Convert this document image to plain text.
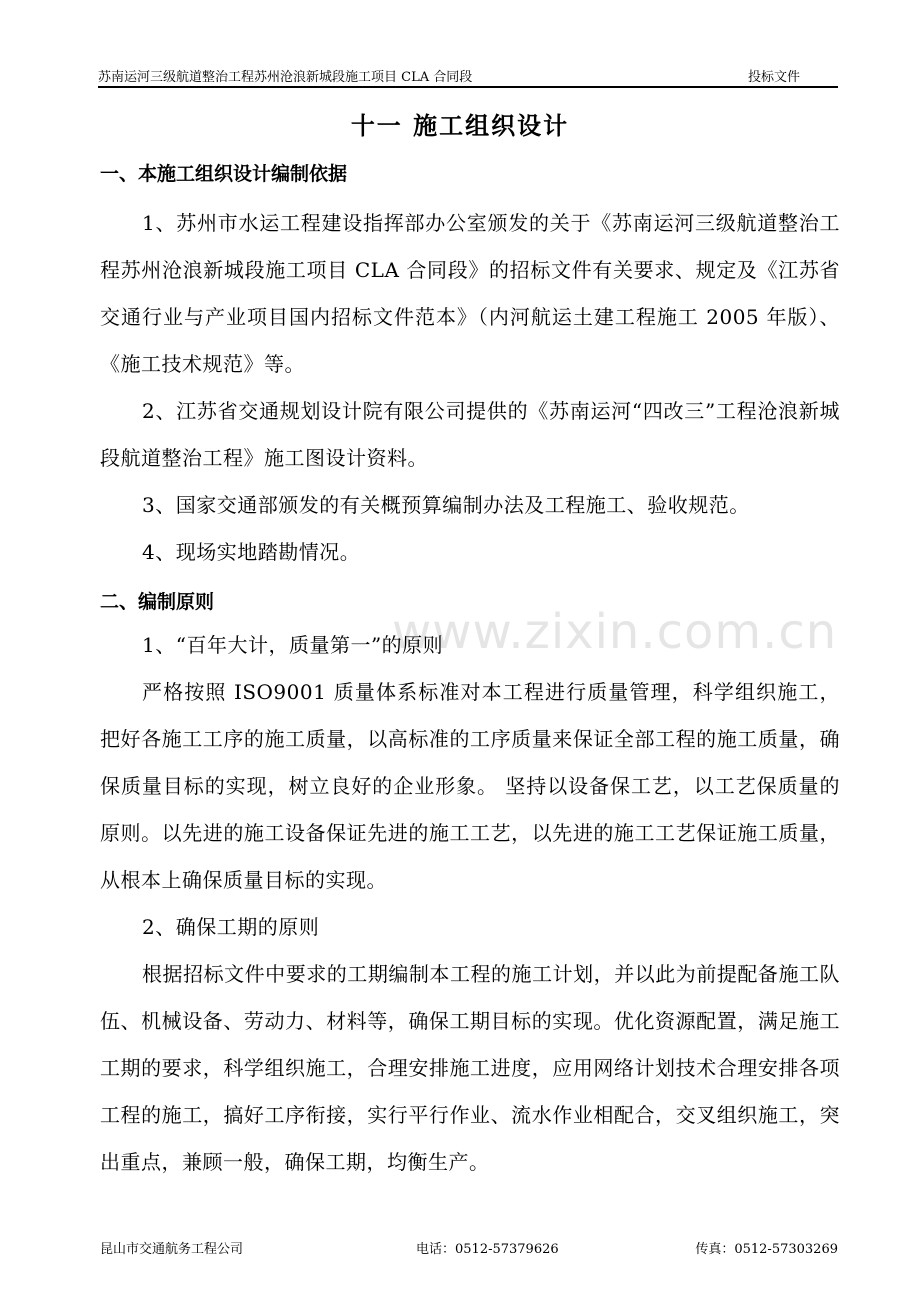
苏南运河三级航道整治工程苏州沧浪新城段施工项目 CLA 合同段	投标文件
www.zixin.com.cn
十一 施工组织设计
一、本施工组织设计编制依据
1、苏州市水运工程建设指挥部办公室颁发的关于《苏南运河三级航道整治工程苏州沧浪新城段施工项目 CLA 合同段》的招标文件有关要求、规定及《江苏省交通行业与产业项目国内招标文件范本》（内河航运土建工程施工 2005 年版）、《施工技术规范》等。
2、江苏省交通规划设计院有限公司提供的《苏南运河“四改三”工程沧浪新城段航道整治工程》施工图设计资料。
3、国家交通部颁发的有关概预算编制办法及工程施工、验收规范。
4、现场实地踏勘情况。
二、编制原则
1、“百年大计，质量第一”的原则
严格按照 ISO9001 质量体系标准对本工程进行质量管理，科学组织施工，把好各施工工序的施工质量，以高标准的工序质量来保证全部工程的施工质量，确保质量目标的实现，树立良好的企业形象。 坚持以设备保工艺，以工艺保质量的原则。以先进的施工设备保证先进的施工工艺，以先进的施工工艺保证施工质量，从根本上确保质量目标的实现。
2、确保工期的原则
根据招标文件中要求的工期编制本工程的施工计划，并以此为前提配备施工队伍、机械设备、劳动力、材料等，确保工期目标的实现。优化资源配置，满足施工工期的要求，科学组织施工，合理安排施工进度，应用网络计划技术合理安排各项工程的施工，搞好工序衔接，实行平行作业、流水作业相配合，交叉组织施工，突出重点，兼顾一般，确保工期，均衡生产。
昆山市交通航务工程公司	电话：0512-57379626	传真：0512-57303269
